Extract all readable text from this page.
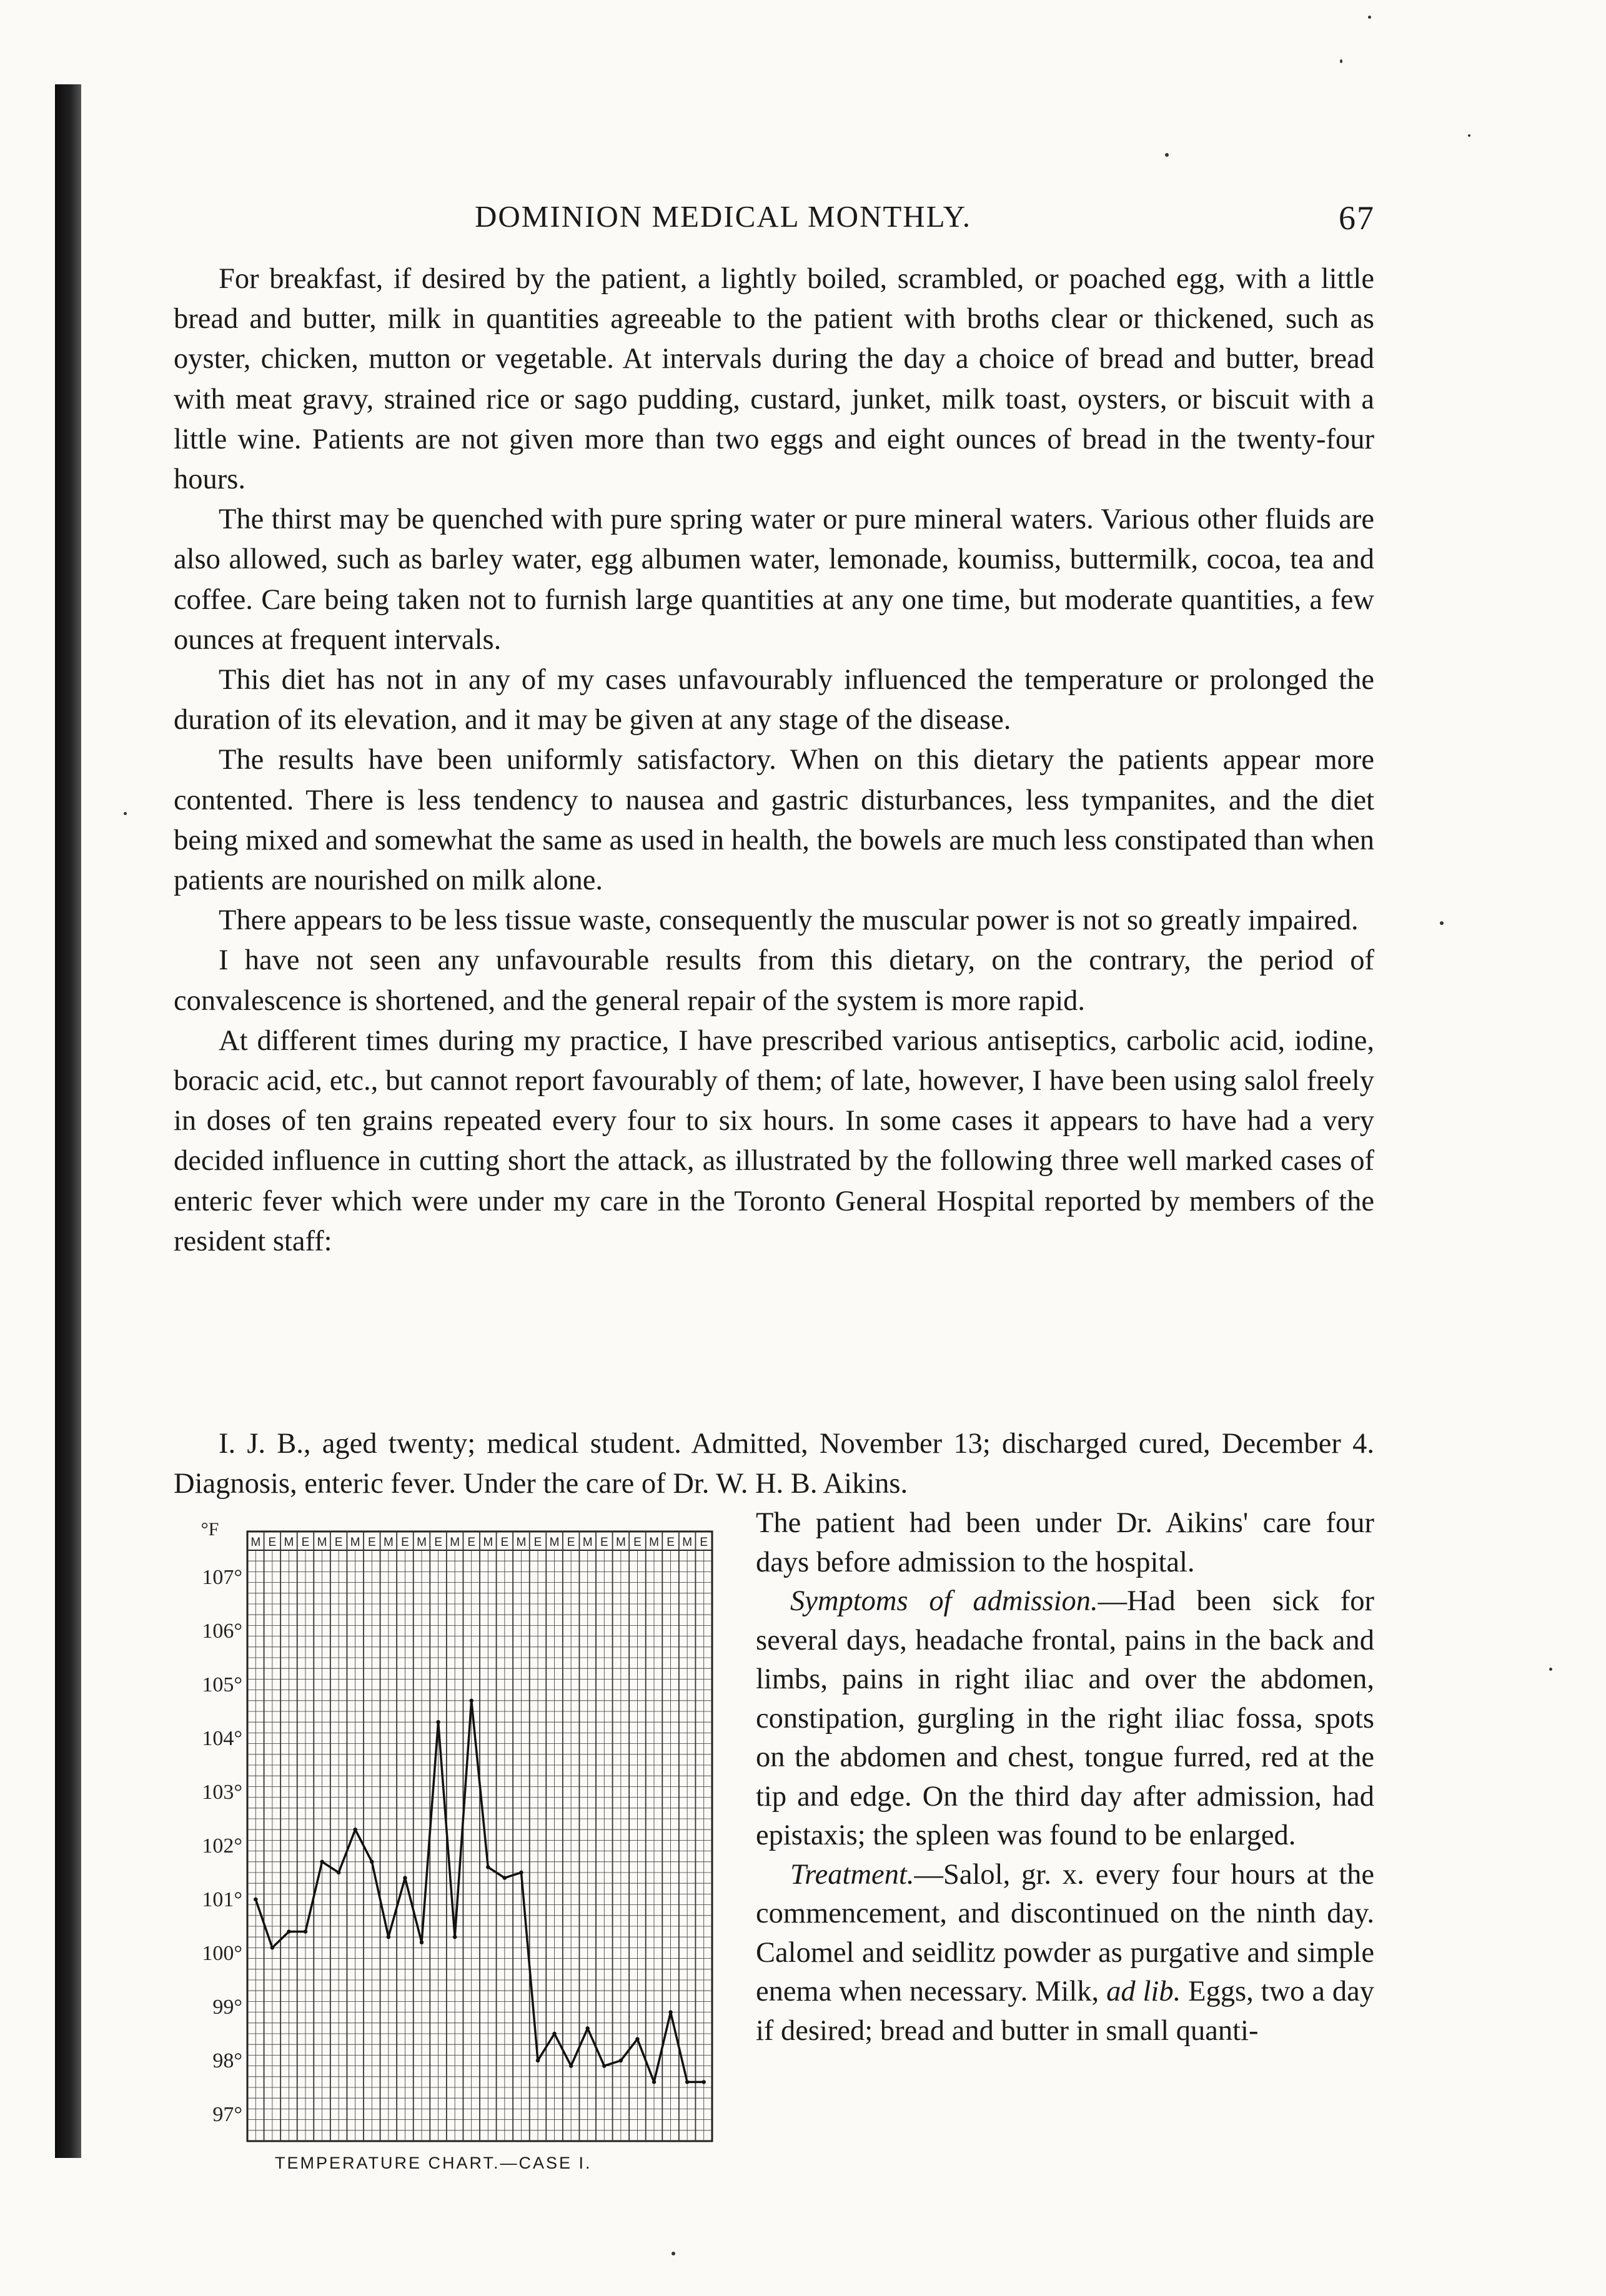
DOMINION MEDICAL MONTHLY.	67

For breakfast, if desired by the patient, a lightly boiled, scrambled, or poached egg, with a little bread and butter, milk in quantities agreeable to the patient with broths clear or thickened, such as oyster, chicken, mutton or vegetable. At intervals during the day a choice of bread and butter, bread with meat gravy, strained rice or sago pudding, custard, junket, milk toast, oysters, or biscuit with a little wine. Patients are not given more than two eggs and eight ounces of bread in the twenty-four hours.

The thirst may be quenched with pure spring water or pure mineral waters. Various other fluids are also allowed, such as barley water, egg albumen water, lemonade, koumiss, buttermilk, cocoa, tea and coffee. Care being taken not to furnish large quantities at any one time, but moderate quantities, a few ounces at frequent intervals.

This diet has not in any of my cases unfavourably influenced the temperature or prolonged the duration of its elevation, and it may be given at any stage of the disease.

The results have been uniformly satisfactory. When on this dietary the patients appear more contented. There is less tendency to nausea and gastric disturbances, less tympanites, and the diet being mixed and somewhat the same as used in health, the bowels are much less constipated than when patients are nourished on milk alone.

There appears to be less tissue waste, consequently the muscular power is not so greatly impaired.

I have not seen any unfavourable results from this dietary, on the contrary, the period of convalescence is shortened, and the general repair of the system is more rapid.

At different times during my practice, I have prescribed various antiseptics, carbolic acid, iodine, boracic acid, etc., but cannot report favourably of them; of late, however, I have been using salol freely in doses of ten grains repeated every four to six hours. In some cases it appears to have had a very decided influence in cutting short the attack, as illustrated by the following three well marked cases of enteric fever which were under my care in the Toronto General Hospital reported by members of the resident staff:

I. J. B., aged twenty; medical student. Admitted, November 13; discharged cured, December 4. Diagnosis, enteric fever. Under the care of Dr. W. H. B. Aikins.
M E M E M E M E M E M E M E M E M E M E M E M E M E M E
°F
107°
106°
105°
104°
103°
102°
101°
100°
99°
98°
97°
TEMPERATURE CHART.—CASE I.

The patient had been under Dr. Aikins' care four days before admission to the hospital.

Symptoms of admission.—Had been sick for several days, headache frontal, pains in the back and limbs, pains in right iliac and over the abdomen, constipation, gurgling in the right iliac fossa, spots on the abdomen and chest, tongue furred, red at the tip and edge. On the third day after admission, had epistaxis; the spleen was found to be enlarged.

Treatment.—Salol, gr. x. every four hours at the commencement, and discontinued on the ninth day. Calomel and seidlitz powder as purgative and simple enema when necessary. Milk, ad lib. Eggs, two a day if desired; bread and butter in small quanti-
